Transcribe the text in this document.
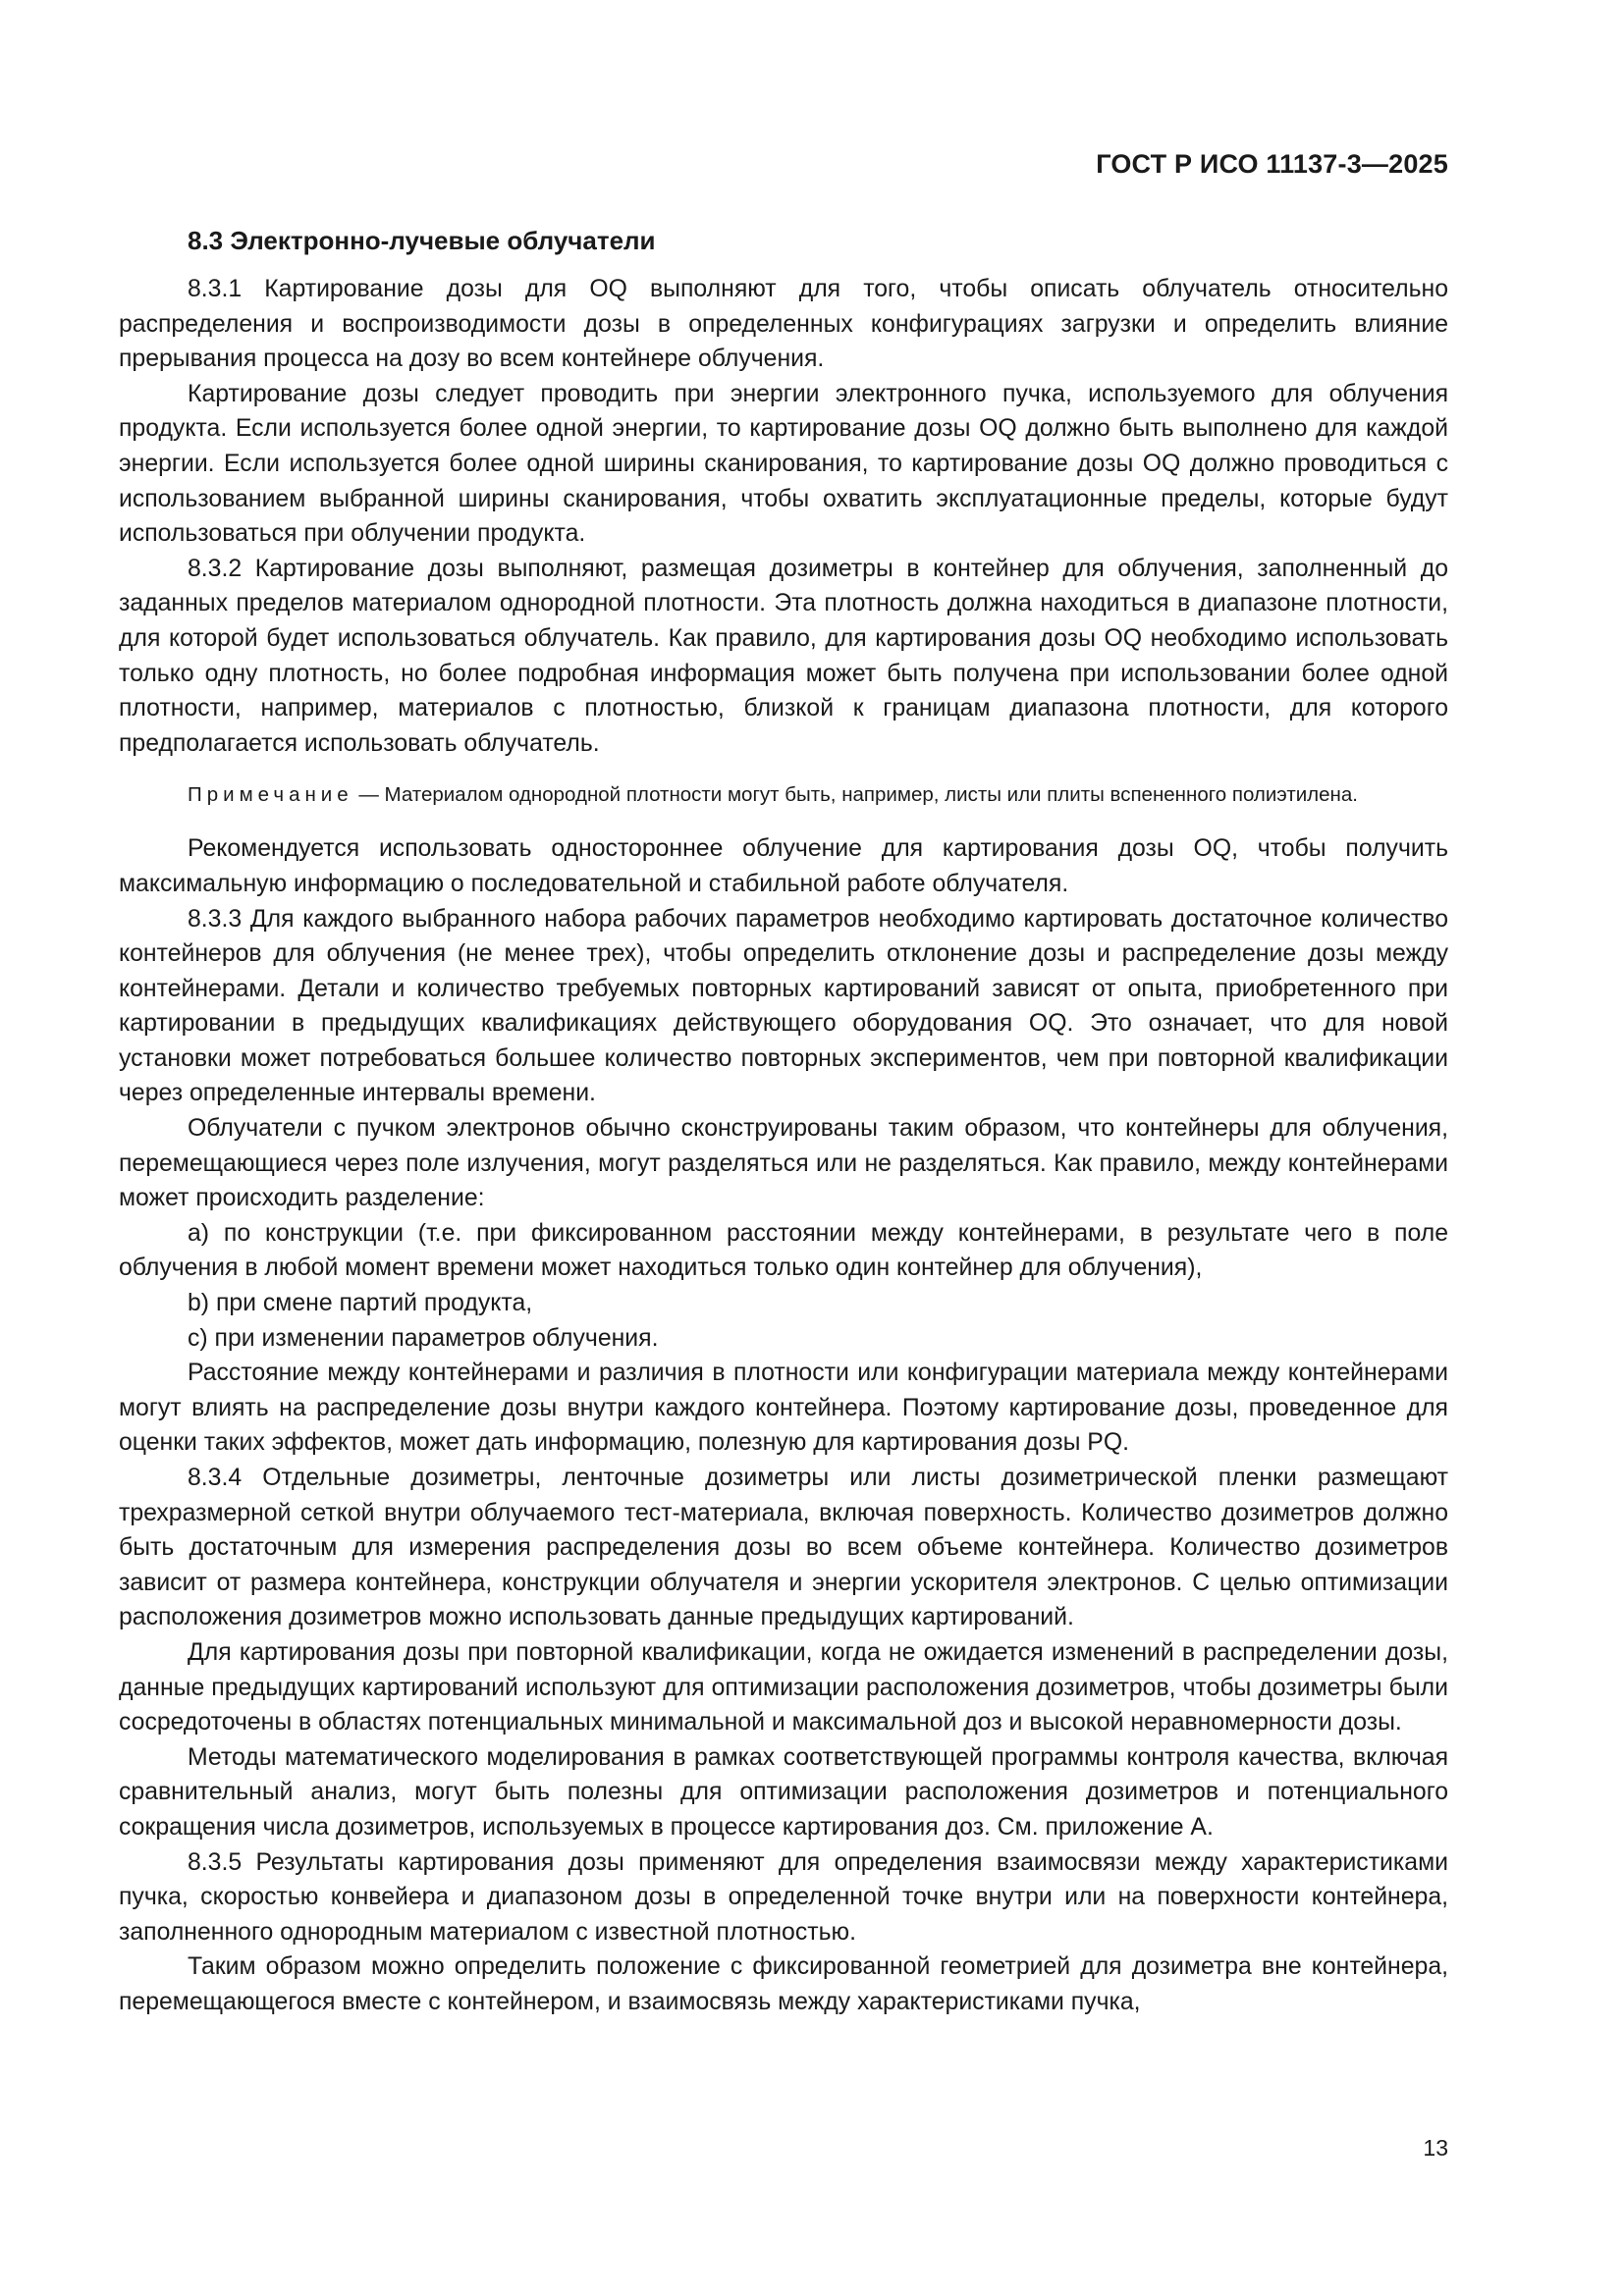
ГОСТ Р ИСО 11137-3—2025
8.3 Электронно-лучевые облучатели

8.3.1 Картирование дозы для OQ выполняют для того, чтобы описать облучатель относительно распределения и воспроизводимости дозы в определенных конфигурациях загрузки и определить влияние прерывания процесса на дозу во всем контейнере облучения.

Картирование дозы следует проводить при энергии электронного пучка, используемого для облучения продукта. Если используется более одной энергии, то картирование дозы OQ должно быть выполнено для каждой энергии. Если используется более одной ширины сканирования, то картирование дозы OQ должно проводиться с использованием выбранной ширины сканирования, чтобы охватить эксплуатационные пределы, которые будут использоваться при облучении продукта.

8.3.2 Картирование дозы выполняют, размещая дозиметры в контейнер для облучения, заполненный до заданных пределов материалом однородной плотности. Эта плотность должна находиться в диапазоне плотности, для которой будет использоваться облучатель. Как правило, для картирования дозы OQ необходимо использовать только одну плотность, но более подробная информация может быть получена при использовании более одной плотности, например, материалов с плотностью, близкой к границам диапазона плотности, для которого предполагается использовать облучатель.

Примечание — Материалом однородной плотности могут быть, например, листы или плиты вспененного полиэтилена.

Рекомендуется использовать одностороннее облучение для картирования дозы OQ, чтобы получить максимальную информацию о последовательной и стабильной работе облучателя.

8.3.3 Для каждого выбранного набора рабочих параметров необходимо картировать достаточное количество контейнеров для облучения (не менее трех), чтобы определить отклонение дозы и распределение дозы между контейнерами. Детали и количество требуемых повторных картирований зависят от опыта, приобретенного при картировании в предыдущих квалификациях действующего оборудования OQ. Это означает, что для новой установки может потребоваться большее количество повторных экспериментов, чем при повторной квалификации через определенные интервалы времени.

Облучатели с пучком электронов обычно сконструированы таким образом, что контейнеры для облучения, перемещающиеся через поле излучения, могут разделяться или не разделяться. Как правило, между контейнерами может происходить разделение:

a) по конструкции (т.е. при фиксированном расстоянии между контейнерами, в результате чего в поле облучения в любой момент времени может находиться только один контейнер для облучения),

b) при смене партий продукта,

c) при изменении параметров облучения.

Расстояние между контейнерами и различия в плотности или конфигурации материала между контейнерами могут влиять на распределение дозы внутри каждого контейнера. Поэтому картирование дозы, проведенное для оценки таких эффектов, может дать информацию, полезную для картирования дозы PQ.

8.3.4 Отдельные дозиметры, ленточные дозиметры или листы дозиметрической пленки размещают трехразмерной сеткой внутри облучаемого тест-материала, включая поверхность. Количество дозиметров должно быть достаточным для измерения распределения дозы во всем объеме контейнера. Количество дозиметров зависит от размера контейнера, конструкции облучателя и энергии ускорителя электронов. С целью оптимизации расположения дозиметров можно использовать данные предыдущих картирований.

Для картирования дозы при повторной квалификации, когда не ожидается изменений в распределении дозы, данные предыдущих картирований используют для оптимизации расположения дозиметров, чтобы дозиметры были сосредоточены в областях потенциальных минимальной и максимальной доз и высокой неравномерности дозы.

Методы математического моделирования в рамках соответствующей программы контроля качества, включая сравнительный анализ, могут быть полезны для оптимизации расположения дозиметров и потенциального сокращения числа дозиметров, используемых в процессе картирования доз. См. приложение А.

8.3.5 Результаты картирования дозы применяют для определения взаимосвязи между характеристиками пучка, скоростью конвейера и диапазоном дозы в определенной точке внутри или на поверхности контейнера, заполненного однородным материалом с известной плотностью.

Таким образом можно определить положение с фиксированной геометрией для дозиметра вне контейнера, перемещающегося вместе с контейнером, и взаимосвязь между характеристиками пучка,

13
